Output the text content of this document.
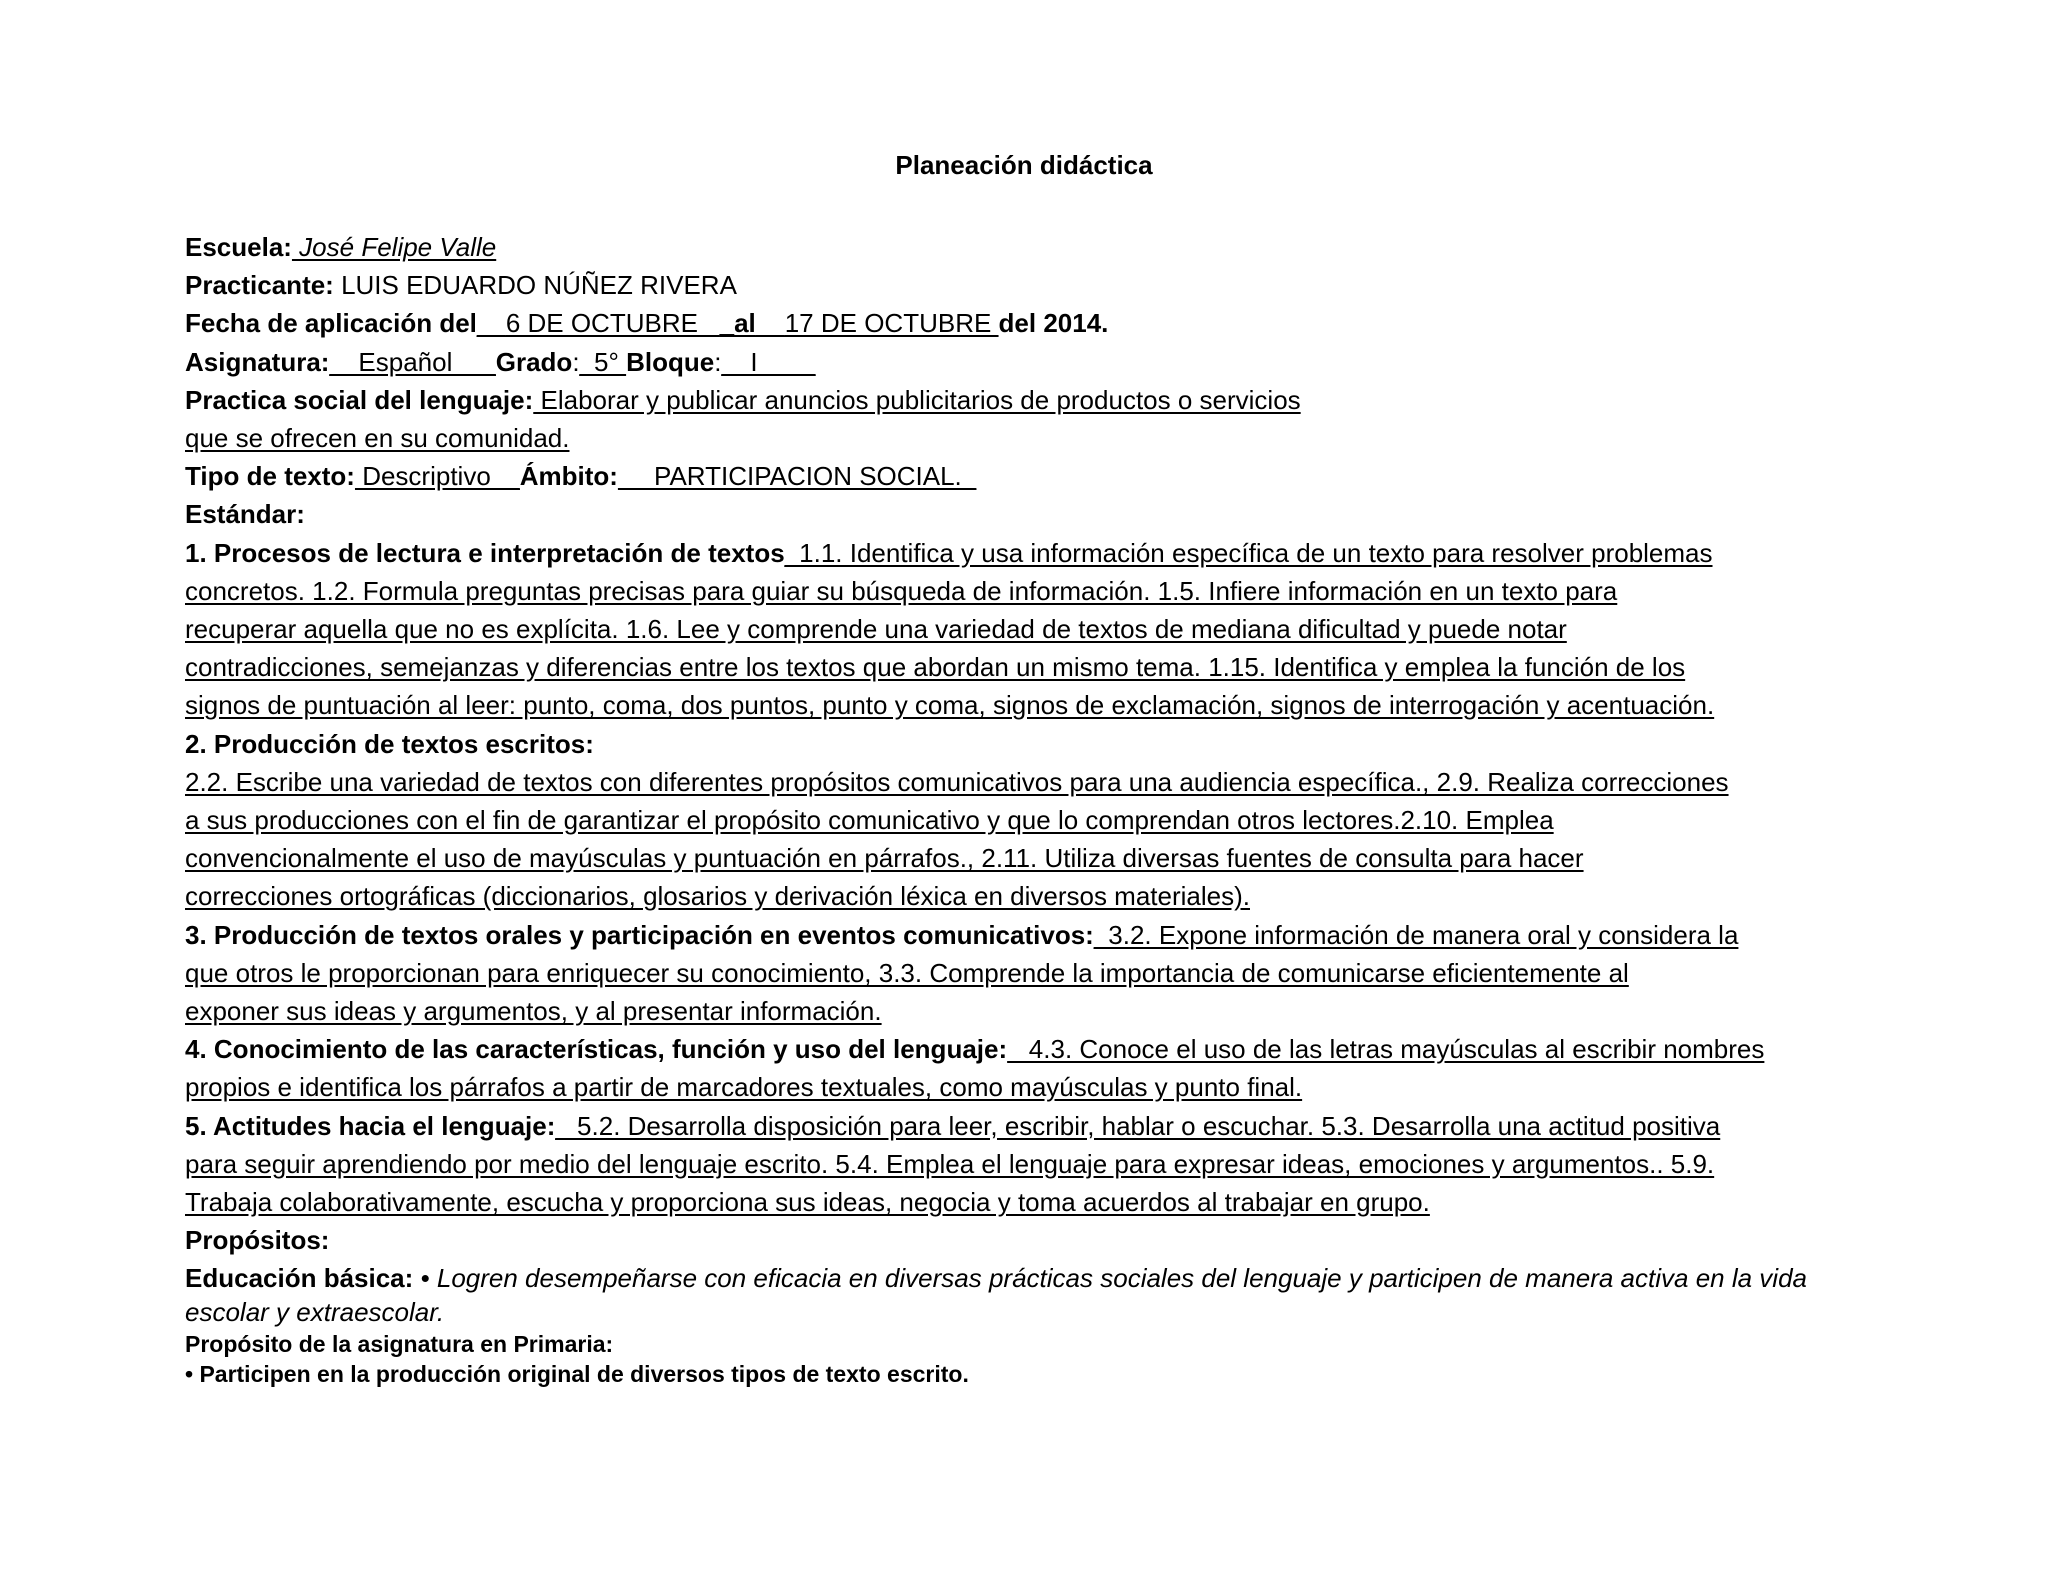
Planeación didáctica
Escuela: José Felipe Valle
Practicante: LUIS EDUARDO NÚÑEZ RIVERA
Fecha de aplicación del__6 DE OCTUBRE __al__17 DE OCTUBRE del 2014.
Asignatura:__Español___Grado:_5° Bloque:__I____
Practica social del lenguaje: Elaborar y publicar anuncios publicitarios de productos o servicios
que se ofrecen en su comunidad.
Tipo de texto: Descriptivo__Ámbito: __PARTICIPACION SOCIAL._
Estándar:
1. Procesos de lectura e interpretación de textos_1.1. Identifica y usa información específica de un texto para resolver problemas
concretos. 1.2. Formula preguntas precisas para guiar su búsqueda de información. 1.5. Infiere información en un texto para
recuperar aquella que no es explícita. 1.6. Lee y comprende una variedad de textos de mediana dificultad y puede notar
contradicciones, semejanzas y diferencias entre los textos que abordan un mismo tema. 1.15. Identifica y emplea la función de los
signos de puntuación al leer: punto, coma, dos puntos, punto y coma, signos de exclamación, signos de interrogación y acentuación.
2. Producción de textos escritos:
2.2. Escribe una variedad de textos con diferentes propósitos comunicativos para una audiencia específica., 2.9. Realiza correcciones
a sus producciones con el fin de garantizar el propósito comunicativo y que lo comprendan otros lectores.2.10. Emplea
convencionalmente el uso de mayúsculas y puntuación en párrafos., 2.11. Utiliza diversas fuentes de consulta para hacer
correcciones ortográficas (diccionarios, glosarios y derivación léxica en diversos materiales).
3. Producción de textos orales y participación en eventos comunicativos:_3.2. Expone información de manera oral y considera la
que otros le proporcionan para enriquecer su conocimiento, 3.3. Comprende la importancia de comunicarse eficientemente al
exponer sus ideas y argumentos, y al presentar información.
4. Conocimiento de las características, función y uso del lenguaje: _4.3. Conoce el uso de las letras mayúsculas al escribir nombres
propios e identifica los párrafos a partir de marcadores textuales, como mayúsculas y punto final.
5. Actitudes hacia el lenguaje:_ 5.2. Desarrolla disposición para leer, escribir, hablar o escuchar. 5.3. Desarrolla una actitud positiva
para seguir aprendiendo por medio del lenguaje escrito. 5.4. Emplea el lenguaje para expresar ideas, emociones y argumentos.. 5.9.
Trabaja colaborativamente, escucha y proporciona sus ideas, negocia y toma acuerdos al trabajar en grupo.
Propósitos:
Educación básica: • Logren desempeñarse con eficacia en diversas prácticas sociales del lenguaje y participen de manera activa en la vida escolar y extraescolar.
Propósito de la asignatura en Primaria:
• Participen en la producción original de diversos tipos de texto escrito.
